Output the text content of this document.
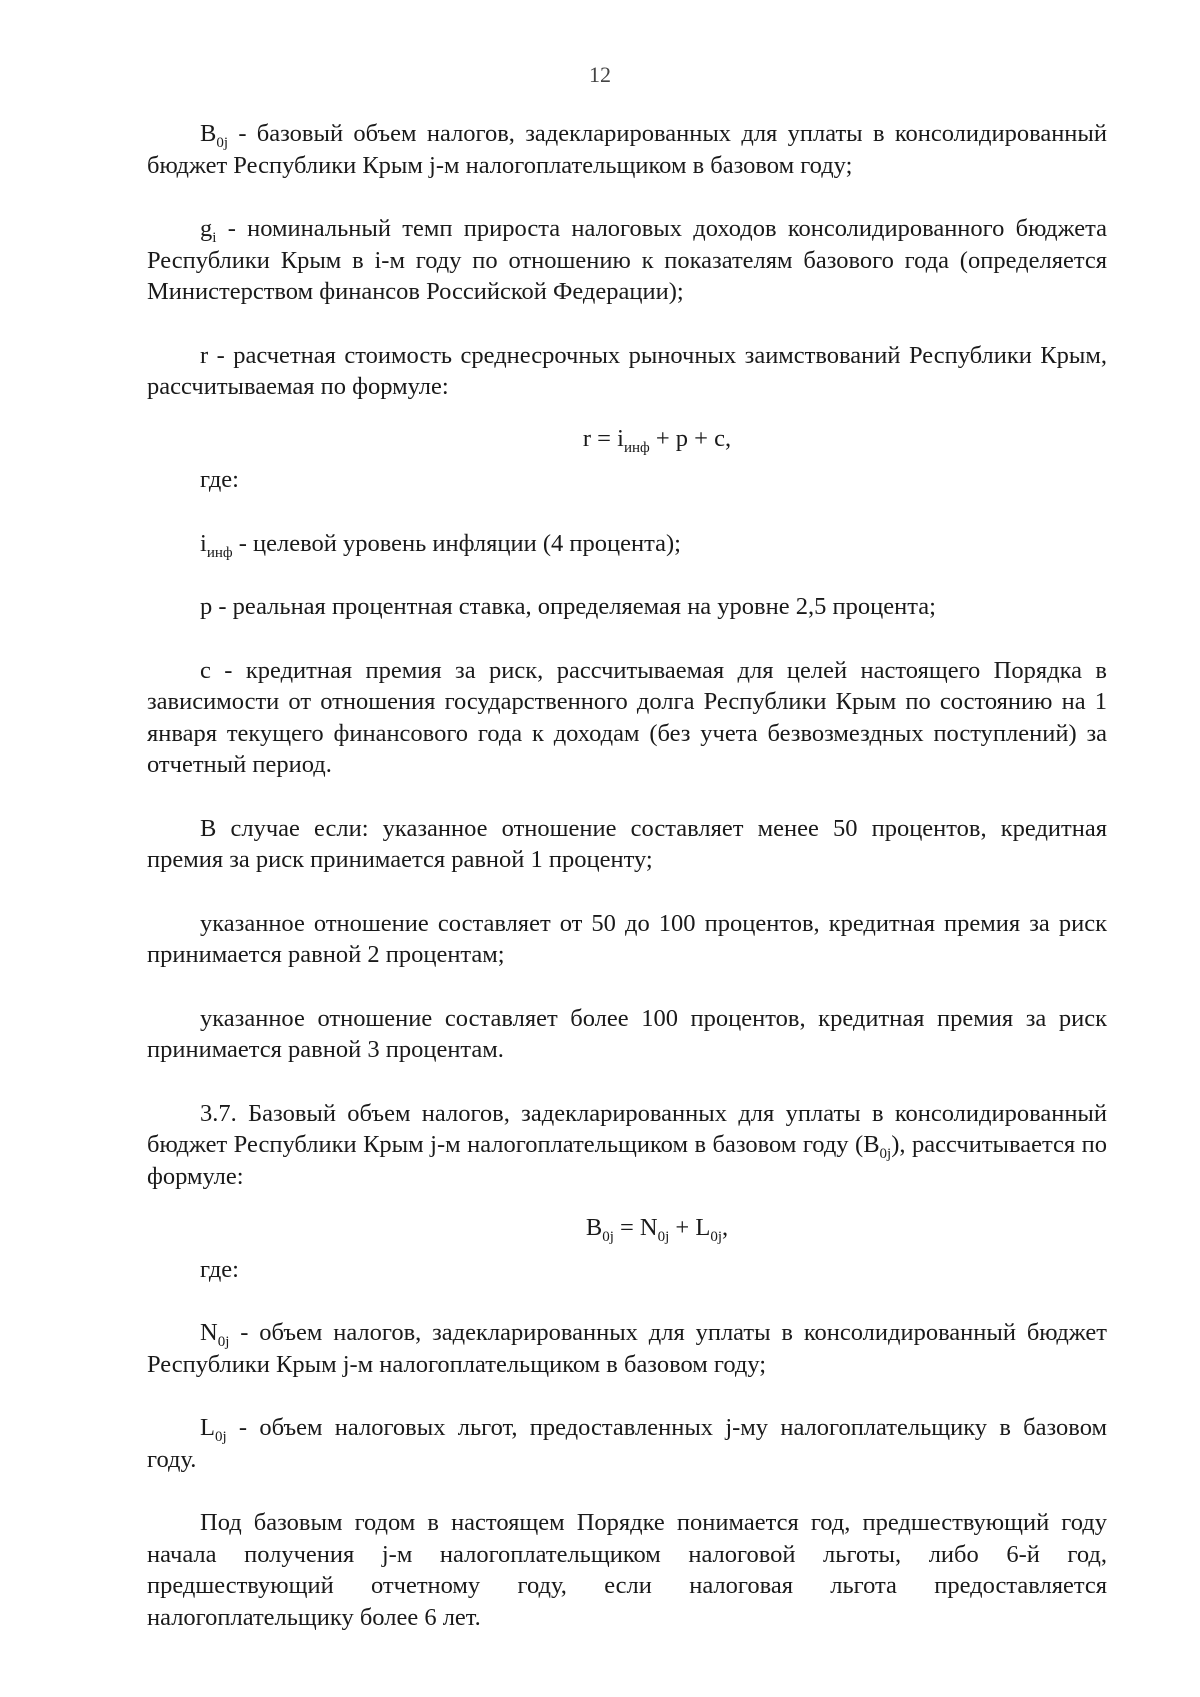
12

$B_{0j}$ - базовый объем налогов, задекларированных для уплаты в консолидированный бюджет Республики Крым j-м налогоплательщиком в базовом году;

$g_i$ - номинальный темп прироста налоговых доходов консолидированного бюджета Республики Крым в i-м году по отношению к показателям базового года (определяется Министерством финансов Российской Федерации);

r - расчетная стоимость среднесрочных рыночных заимствований Республики Крым, рассчитываемая по формуле:

$r = i_{инф} + p + c$,
где:

$i_{инф}$ - целевой уровень инфляции (4 процента);

p - реальная процентная ставка, определяемая на уровне 2,5 процента;

c - кредитная премия за риск, рассчитываемая для целей настоящего Порядка в зависимости от отношения государственного долга Республики Крым по состоянию на 1 января текущего финансового года к доходам (без учета безвозмездных поступлений) за отчетный период.

В случае если: указанное отношение составляет менее 50 процентов, кредитная премия за риск принимается равной 1 проценту;

указанное отношение составляет от 50 до 100 процентов, кредитная премия за риск принимается равной 2 процентам;

указанное отношение составляет более 100 процентов, кредитная премия за риск принимается равной 3 процентам.

3.7. Базовый объем налогов, задекларированных для уплаты в консолидированный бюджет Республики Крым j-м налогоплательщиком в базовом году $(B_{0j})$, рассчитывается по формуле:

$B_{0j} = N_{0j} + L_{0j}$,
где:

$N_{0j}$ - объем налогов, задекларированных для уплаты в консолидированный бюджет Республики Крым j-м налогоплательщиком в базовом году;

$L_{0j}$ - объем налоговых льгот, предоставленных j-му налогоплательщику в базовом году.

Под базовым годом в настоящем Порядке понимается год, предшествующий году начала получения j-м налогоплательщиком налоговой льготы, либо 6-й год, предшествующий отчетному году, если налоговая льгота предоставляется налогоплательщику более 6 лет.
